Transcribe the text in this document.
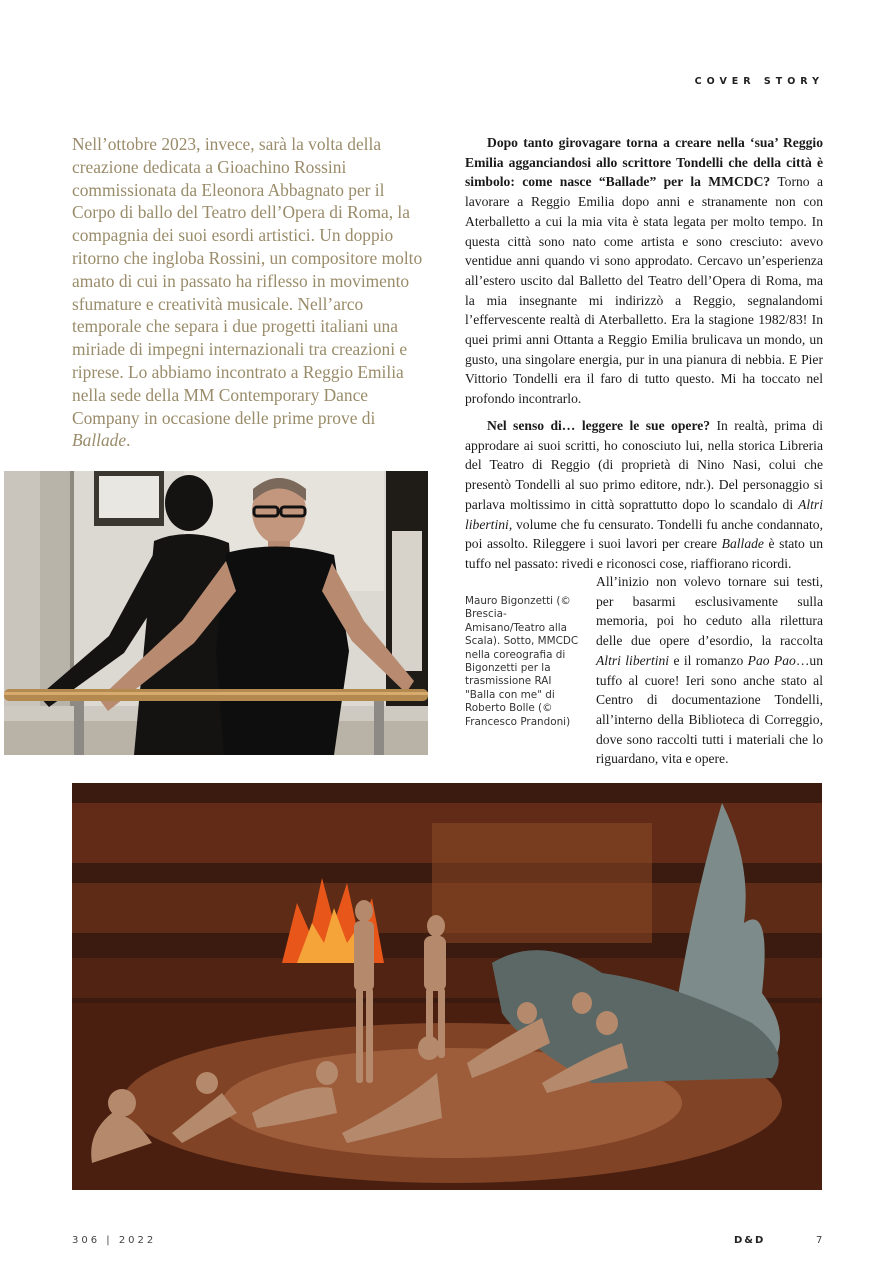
COVER STORY

Nell’ottobre 2023, invece, sarà la volta della creazione dedicata a Gioachino Rossini commissionata da Eleonora Abbagnato per il Corpo di ballo del Teatro dell’Opera di Roma, la compagnia dei suoi esordi artistici. Un doppio ritorno che ingloba Rossini, un compositore molto amato di cui in passato ha riflesso in movimento sfumature e creatività musicale. Nell’arco temporale che separa i due progetti italiani una miriade di impegni internazionali tra creazioni e riprese. Lo abbiamo incontrato a Reggio Emilia nella sede della MM Contemporary Dance Company in occasione delle prime prove di Ballade.

Dopo tanto girovagare torna a creare nella ‘sua’ Reggio Emilia agganciandosi allo scrittore Tondelli che della città è simbolo: come nasce “Ballade” per la MMCDC? Torno a lavorare a Reggio Emilia dopo anni e stranamente non con Aterballetto a cui la mia vita è stata legata per molto tempo. In questa città sono nato come artista e sono cresciuto: avevo ventidue anni quando vi sono approdato. Cercavo un’esperienza all’estero uscito dal Balletto del Teatro dell’Opera di Roma, ma la mia insegnante mi indirizzò a Reggio, segnalandomi l’effervescente realtà di Aterballetto. Era la stagione 1982/83! In quei primi anni Ottanta a Reggio Emilia brulicava un mondo, un gusto, una singolare energia, pur in una pianura di nebbia. E Pier Vittorio Tondelli era il faro di tutto questo. Mi ha toccato nel profondo incontrarlo.

Nel senso di… leggere le sue opere? In realtà, prima di approdare ai suoi scritti, ho conosciuto lui, nella storica Libreria del Teatro di Reggio (di proprietà di Nino Nasi, colui che presentò Tondelli al suo primo editore, ndr.). Del personaggio si parlava moltissimo in città soprattutto dopo lo scandalo di Altri libertini, volume che fu censurato. Tondelli fu anche condannato, poi assolto. Rileggere i suoi lavori per creare Ballade è stato un tuffo nel passato: rivedi e riconosci cose, riaffiorano ricordi.

All’inizio non volevo tornare sui testi, per basarmi esclusivamente sulla memoria, poi ho ceduto alla rilettura delle due opere d’esordio, la raccolta Altri libertini e il romanzo Pao Pao…un tuffo al cuore! Ieri sono anche stato al Centro di documentazione Tondelli, all’interno della Biblioteca di Correggio, dove sono raccolti tutti i materiali che lo riguardano, vita e opere.

Mauro Bigonzetti (© Brescia-Amisano/Teatro alla Scala). Sotto, MMCDC nella coreografia di Bigonzetti per la trasmissione RAI "Balla con me" di Roberto Bolle (© Francesco Prandoni)
306 | 2022	D&D	7
